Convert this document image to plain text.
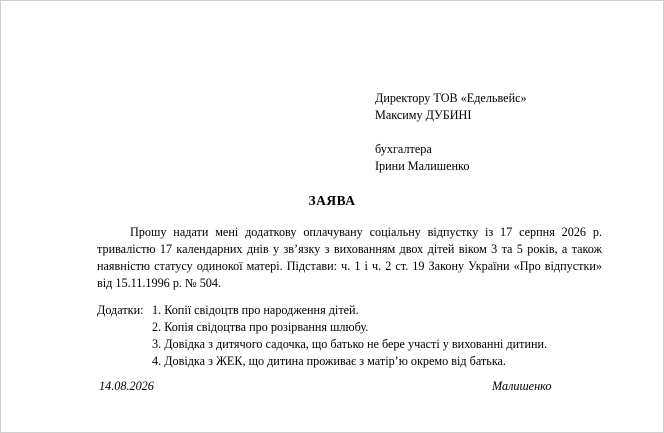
Директору ТОВ «Едельвейс»
Максиму ДУБИНІ
бухгалтера
Ірини Малишенко
ЗАЯВА

Прошу надати мені додаткову оплачувану соціальну відпустку із 17 серпня 2026 р. тривалістю 17 календарних днів у зв’язку з вихованням двох дітей віком 3 та 5 років, а також наявністю статусу одинокої матері. Підстави: ч. 1 і ч. 2 ст. 19 Закону України «Про відпустки» від 15.11.1996 р. № 504.

Додатки: 1. Копії свідоцтв про народження дітей.
2. Копія свідоцтва про розірвання шлюбу.
3. Довідка з дитячого садочка, що батько не бере участі у вихованні дитини.
4. Довідка з ЖЕК, що дитина проживає з матір’ю окремо від батька.
14.08.2026	Малишенко
